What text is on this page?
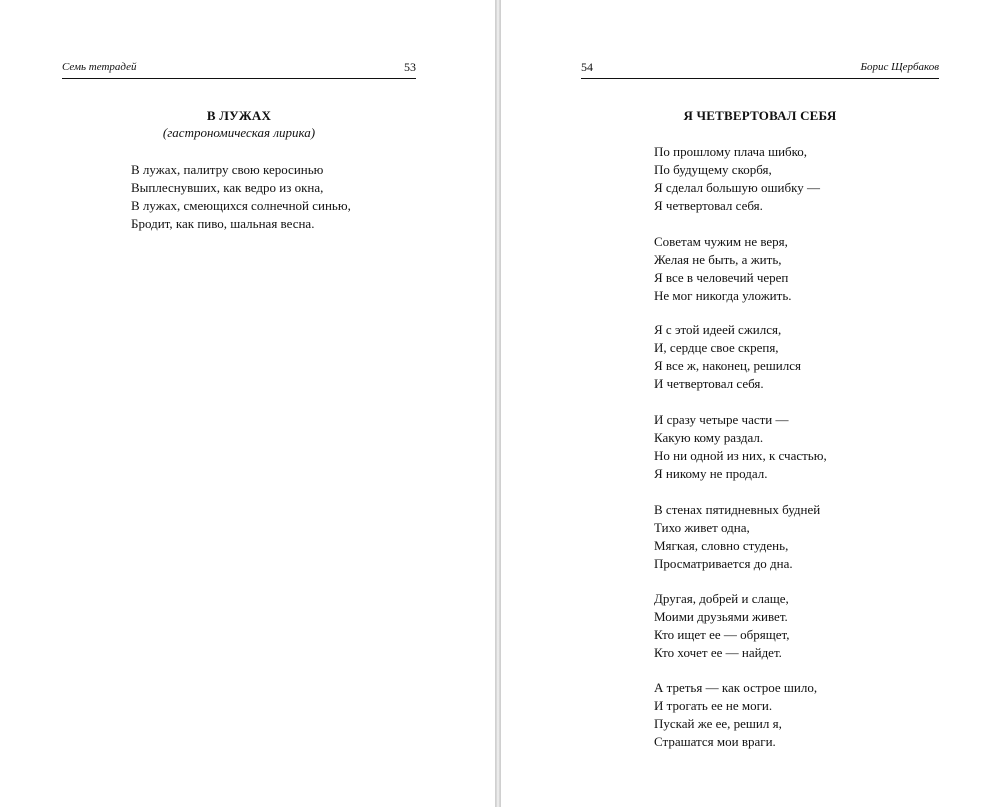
Семь тетрадей	53
В ЛУЖАХ
(гастрономическая лирика)
В лужах, палитру свою керосинью
Выплеснувших, как ведро из окна,
В лужах, смеющихся солнечной синью,
Бродит, как пиво, шальная весна.
54	Борис Щербаков
Я ЧЕТВЕРТОВАЛ СЕБЯ
По прошлому плача шибко,
По будущему скорбя,
Я сделал большую ошибку —
Я четвертовал себя.
Советам чужим не веря,
Желая не быть, а жить,
Я все в человечий череп
Не мог никогда уложить.
Я с этой идеей сжился,
И, сердце свое скрепя,
Я все ж, наконец, решился
И четвертовал себя.
И сразу четыре части —
Какую кому раздал.
Но ни одной из них, к счастью,
Я никому не продал.
В стенах пятидневных будней
Тихо живет одна,
Мягкая, словно студень,
Просматривается до дна.
Другая, добрей и слаще,
Моими друзьями живет.
Кто ищет ее — обрящет,
Кто хочет ее — найдет.
А третья — как острое шило,
И трогать ее не моги.
Пускай же ее, решил я,
Страшатся мои враги.
